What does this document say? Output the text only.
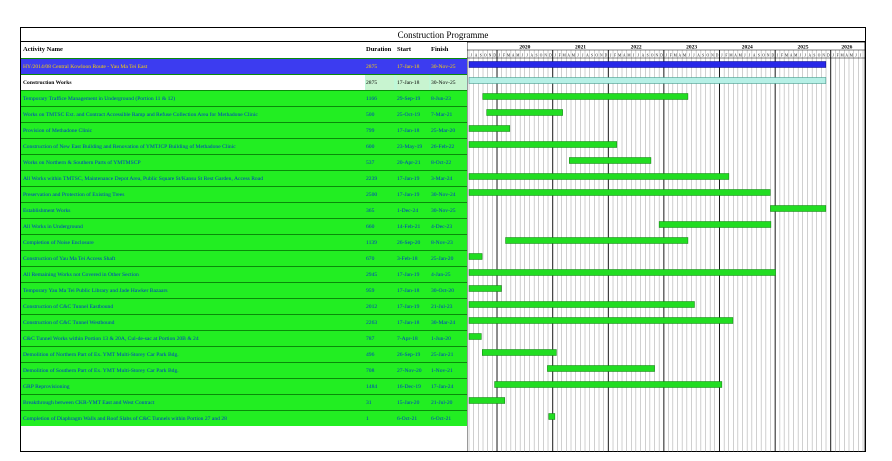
Construction Programme
Activity Name	Duration Start	Finish
HY/2014/08 Central Kowloon Route - Yau Ma Tei East	2875	17-Jan-18	30-Nov-25
Construction Works	2875	17-Jan-18	30-Nov-25
Temporary Traffice Management in Underground (Portion 11 & 12)	1166	29-Sep-19	8-Jun-23
Works on TMTSC Ext. and Contract Accessible Ramp and Refuse Collection Area for Methadone Clinic	500	25-Oct-19	7-Mar-21
Provision of Methadone Clinic	799	17-Jan-18	25-Mar-20
Construction of New East Building and Renovation of YMTJCP Building of Methadone Clinic	600	23-May-19	26-Feb-22
Works on Northern & Southern Parts of YMTMSCP	537	20-Apr-21	8-Oct-22
All Works within TMTSC, Maintenance Depot Area, Public Square St/Kansu St Rest Garden, Access Road	2239	17-Jan-19	3-Mar-24
Preservation and Protection of Existing Trees	2500	17-Jan-19	30-Nov-24
Establishment Works	365	1-Dec-24	30-Nov-25
All Works in Underground	660	14-Feb-21	4-Dec-23
Completion of Noise Enclosure	1139	26-Sep-20	8-Nov-23
Construction of Yau Ma Tei Access Shaft	670	3-Feb-18	25-Jan-20
All Remaining Works not Covered in Other Section	2945	17-Jan-19	4-Jan-25
Temporary Yau Ma Tei Public Library and Jade Hawker Bazaars	959	17-Jan-18	30-Oct-20
Construction of C&C Tunnel Eastbound	2012	17-Jan-19	21-Jul-23
Construction of C&C Tunnel Westbound	2263	17-Jan-18	30-Mar-24
C&C Tunnel Works within Portion 13 & 20A, Cul-de-sac at Portion 20B & 24	787	7-Apr-18	1-Jun-20
Demolition of Northern Part of Ex. YMT Multi-Storey Car Park Bdg.	496	26-Sep-19	25-Jan-21
Demolition of Southern Part of Ex. YMT Multi-Storey Car Park Bdg.	708	27-Nov-20	1-Nov-21
GRP Reprovisioning	1484	16-Dec-19	17-Jan-24
Breakthrough between CKR-YMT East and West Contract	31	15-Jan-20	21-Jul-20
Completion of Diaphragm Walls and Roof Slabs of C&C Tunnels within Portion 27 and 28	1	6-Oct-21	6-Oct-21
J A S O N D J F M A M J J A S O N D J F M A M J J A S O N D J F M A M J J A S O N D J F M A M J J A S O N D J F M A M J J A S O N D J F M A M J J A S O N D J F M A M J J
2020	2021	2022	2023	2024	2025	2026
